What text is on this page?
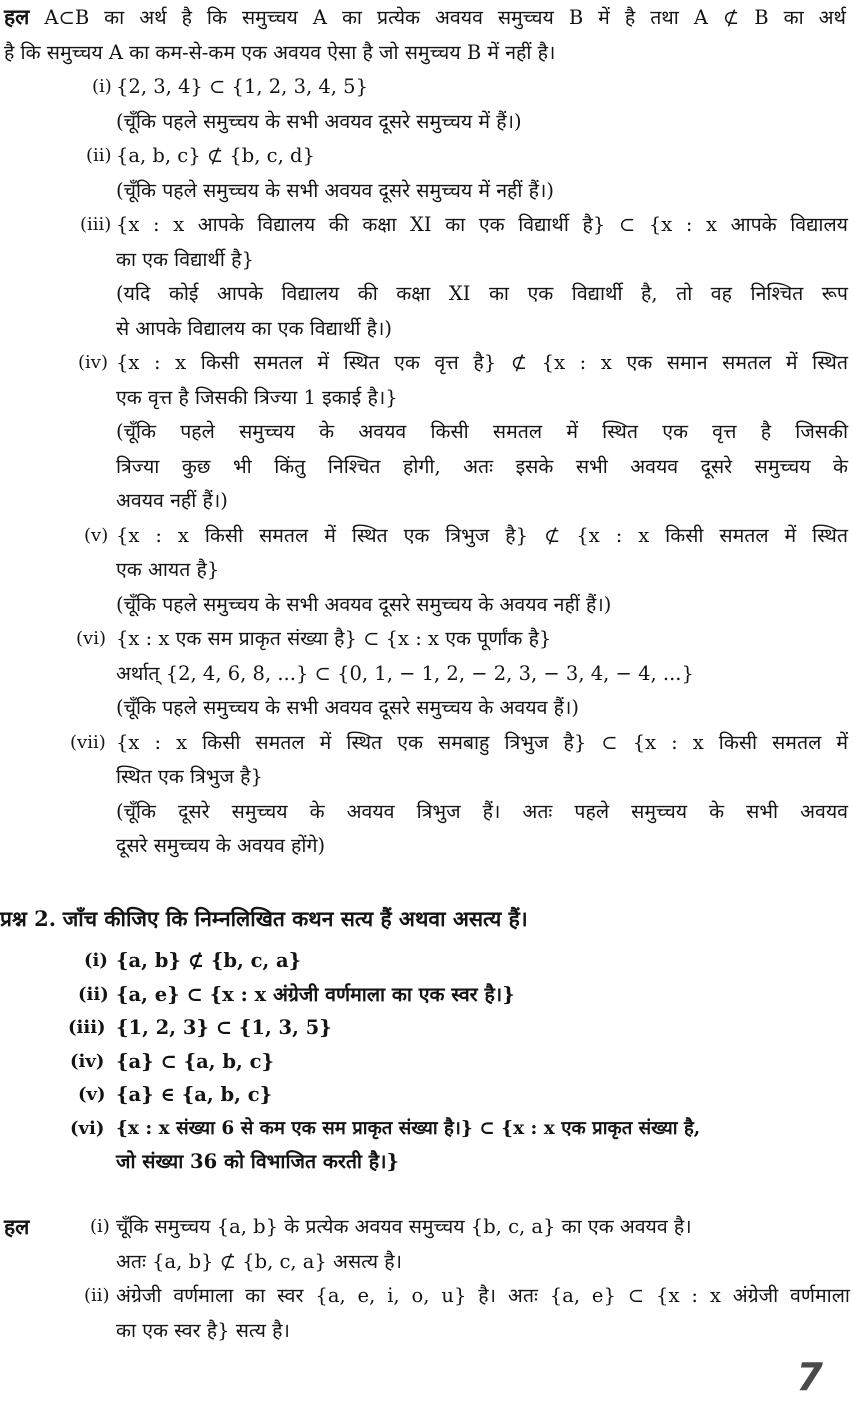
हल A⊂B का अर्थ है कि समुच्चय A का प्रत्येक अवयव समुच्चय B में है तथा A ⊄ B का अर्थ
है कि समुच्चय A का कम-से-कम एक अवयव ऐसा है जो समुच्चय B में नहीं है।
(i) {2, 3, 4} ⊂ {1, 2, 3, 4, 5}
(चूँकि पहले समुच्चय के सभी अवयव दूसरे समुच्चय में हैं।)
(ii) {a, b, c} ⊄ {b, c, d}
(चूँकि पहले समुच्चय के सभी अवयव दूसरे समुच्चय में नहीं हैं।)
(iii) {x : x आपके विद्यालय की कक्षा XI का एक विद्यार्थी है} ⊂ {x : x आपके विद्यालय
का एक विद्यार्थी है}
(यदि कोई आपके विद्यालय की कक्षा XI का एक विद्यार्थी है, तो वह निश्चित रूप
से आपके विद्यालय का एक विद्यार्थी है।)
(iv) {x : x किसी समतल में स्थित एक वृत्त है} ⊄ {x : x एक समान समतल में स्थित
एक वृत्त है जिसकी त्रिज्या 1 इकाई है।}
(चूँकि पहले समुच्चय के अवयव किसी समतल में स्थित एक वृत्त है जिसकी
त्रिज्या कुछ भी किंतु निश्चित होगी, अतः इसके सभी अवयव दूसरे समुच्चय के
अवयव नहीं हैं।)
(v) {x : x किसी समतल में स्थित एक त्रिभुज है} ⊄ {x : x किसी समतल में स्थित
एक आयत है}
(चूँकि पहले समुच्चय के सभी अवयव दूसरे समुच्चय के अवयव नहीं हैं।)
(vi) {x : x एक सम प्राकृत संख्या है} ⊂ {x : x एक पूर्णांक है}
अर्थात् {2, 4, 6, 8, ...} ⊂ {0, 1, − 1, 2, − 2, 3, − 3, 4, − 4, ...}
(चूँकि पहले समुच्चय के सभी अवयव दूसरे समुच्चय के अवयव हैं।)
(vii) {x : x किसी समतल में स्थित एक समबाहु त्रिभुज है} ⊂ {x : x किसी समतल में
स्थित एक त्रिभुज है}
(चूँकि दूसरे समुच्चय के अवयव त्रिभुज हैं। अतः पहले समुच्चय के सभी अवयव
दूसरे समुच्चय के अवयव होंगे)
प्रश्न 2. जाँच कीजिए कि निम्नलिखित कथन सत्य हैं अथवा असत्य हैं।
(i) {a, b} ⊄ {b, c, a}
(ii) {a, e} ⊂ {x : x अंग्रेजी वर्णमाला का एक स्वर है।}
(iii) {1, 2, 3} ⊂ {1, 3, 5}
(iv) {a} ⊂ {a, b, c}
(v) {a} ∈ {a, b, c}
(vi) {x : x संख्या 6 से कम एक सम प्राकृत संख्या है।} ⊂ {x : x एक प्राकृत संख्या है,
जो संख्या 36 को विभाजित करती है।}
हल	(i) चूँकि समुच्चय {a, b} के प्रत्येक अवयव समुच्चय {b, c, a} का एक अवयव है।
अतः {a, b} ⊄ {b, c, a} असत्य है।
(ii) अंग्रेजी वर्णमाला का स्वर {a, e, i, o, u} है। अतः {a, e} ⊂ {x : x अंग्रेजी वर्णमाला
का एक स्वर है} सत्य है।
7
